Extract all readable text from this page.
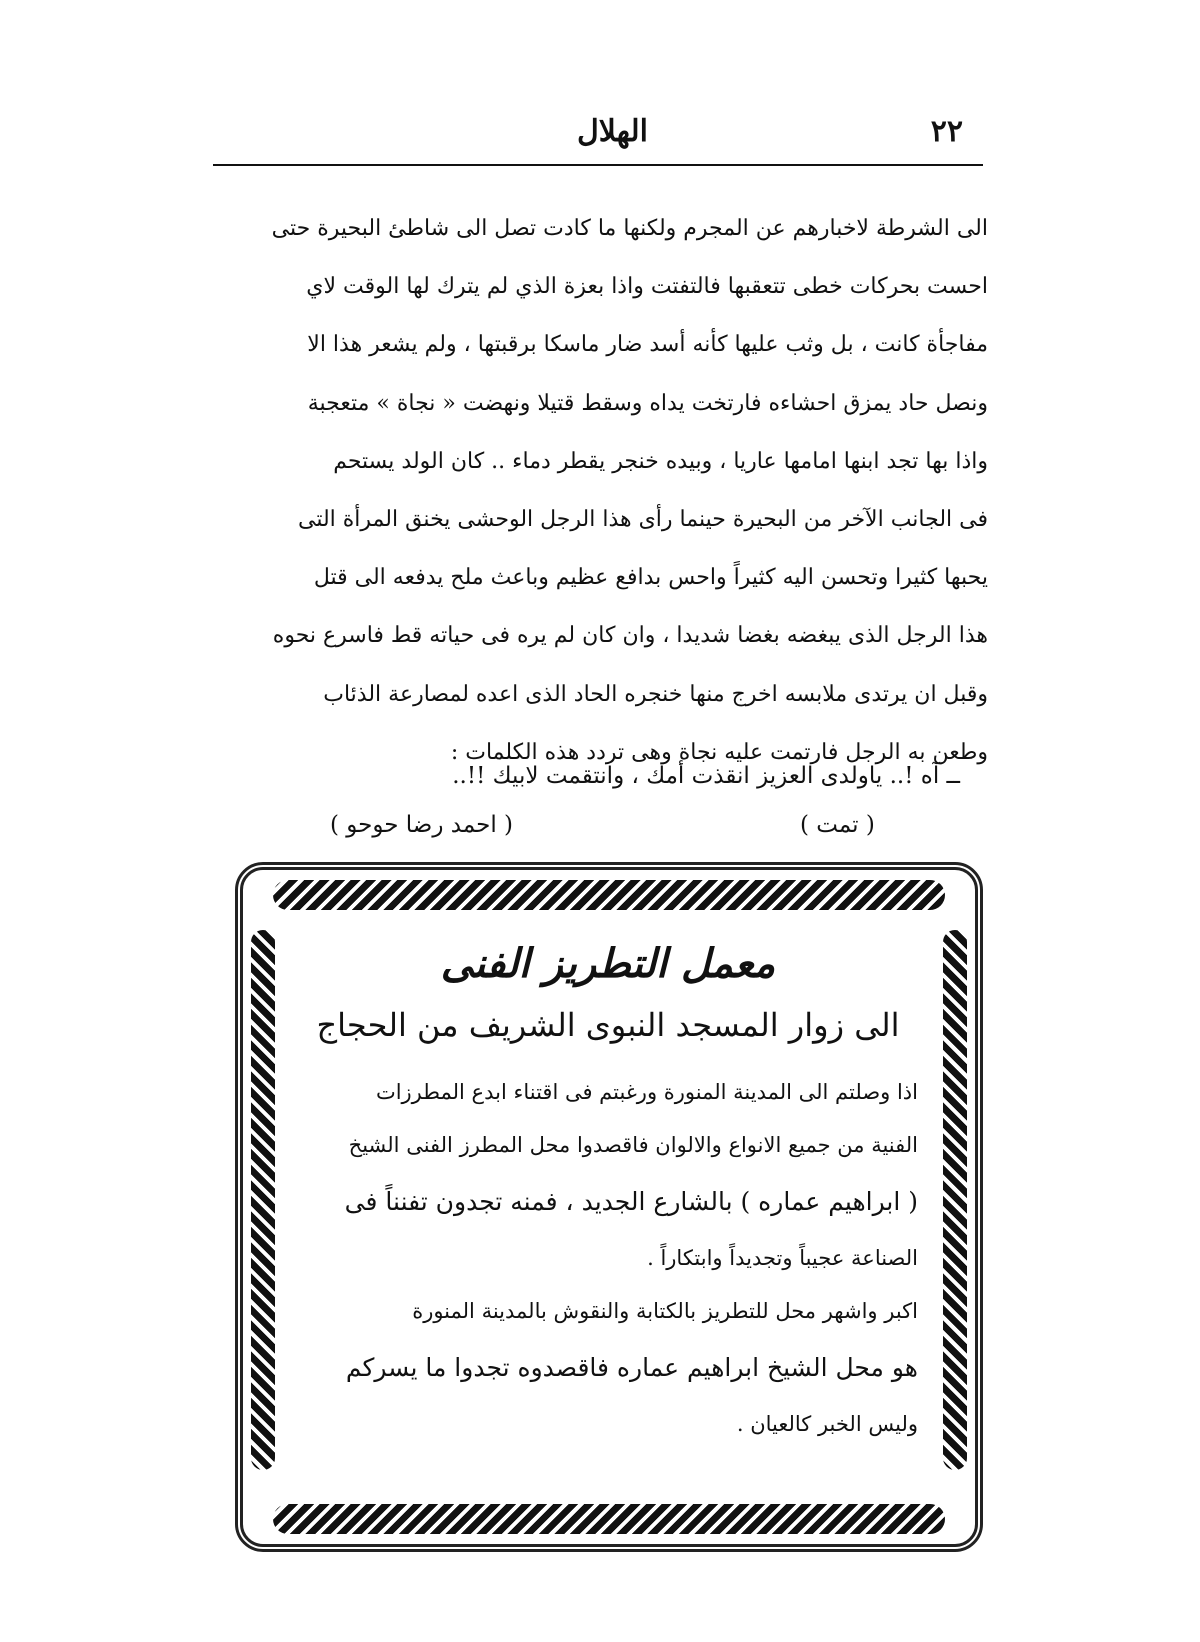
٢٢
الهلال
الى الشرطة لاخبارهم عن المجرم ولكنها ما كادت تصل الى شاطئ البحيرة حتى
احست بحركات خطى تتعقبها فالتفتت واذا بعزة الذي لم يترك لها الوقت لاي
مفاجأة كانت ، بل وثب عليها كأنه أسد ضار ماسكا برقبتها ، ولم يشعر هذا الا
ونصل حاد يمزق احشاءه فارتخت يداه وسقط قتيلا ونهضت « نجاة » متعجبة
واذا بها تجد ابنها امامها عاريا ، وبيده خنجر يقطر دماء .. كان الولد يستحم
فى الجانب الآخر من البحيرة حينما رأى هذا الرجل الوحشى يخنق المرأة التى
يحبها كثيرا وتحسن اليه كثيراً واحس بدافع عظيم وباعث ملح يدفعه الى قتل
هذا الرجل الذى يبغضه بغضا شديدا ، وان كان لم يره فى حياته قط فاسرع نحوه
وقبل ان يرتدى ملابسه اخرج منها خنجره الحاد الذى اعده لمصارعة الذئاب
وطعن به الرجل فارتمت عليه نجاة وهى تردد هذه الكلمات :
ــ آه !.. ياولدى العزيز انقذت أمك ، وانتقمت لابيك !!..
( تمت )
( احمد رضا حوحو )
معمل التطريز الفنى
الى زوار المسجد النبوى الشريف من الحجاج
اذا وصلتم الى المدينة المنورة ورغبتم فى اقتناء ابدع المطرزات
الفنية من جميع الانواع والالوان فاقصدوا محل المطرز الفنى الشيخ
( ابراهيم عماره ) بالشارع الجديد ، فمنه تجدون تفنناً فى
الصناعة عجيباً وتجديداً وابتكاراً .
اكبر واشهر محل للتطريز بالكتابة والنقوش بالمدينة المنورة
هو محل الشيخ ابراهيم عماره فاقصدوه تجدوا ما يسركم
وليس الخبر كالعيان .
